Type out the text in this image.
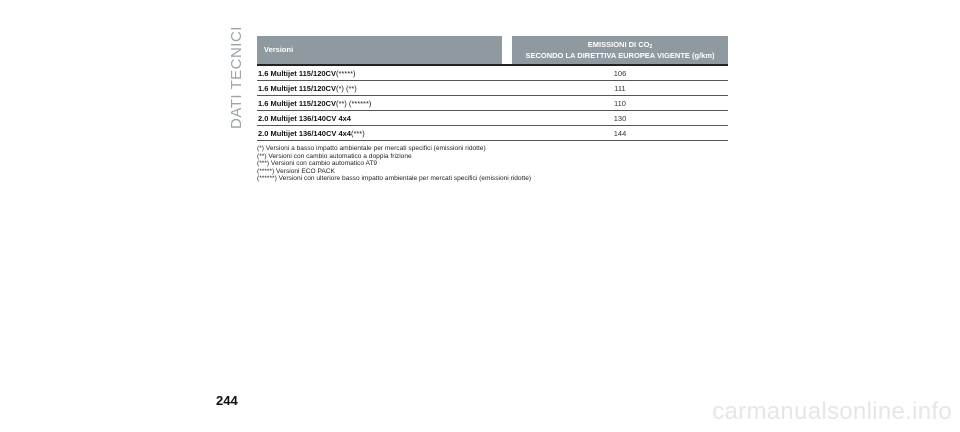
DATI TECNICI	Versioni
EMISSIONI DI $CO_2$
SECONDO LA DIRETTIVA EUROPEA VIGENTE (g/km)
1.6 Multijet 115/120CV(*****)	106
1.6 Multijet 115/120CV(*) (**)	111
1.6 Multijet 115/120CV(**) (******)	110
2.0 Multijet 136/140CV 4x4	130
2.0 Multijet 136/140CV 4x4(***)	144
(*) Versioni a basso impatto ambientale per mercati specifici (emissioni ridotte)
(**) Versioni con cambio automatico a doppia frizione
(***) Versioni con cambio automatico AT9
(*****) Versioni ECO PACK
(******) Versioni con ulteriore basso impatto ambientale per mercati specifici (emissioni ridotte)
244	carmanualsonline.info
